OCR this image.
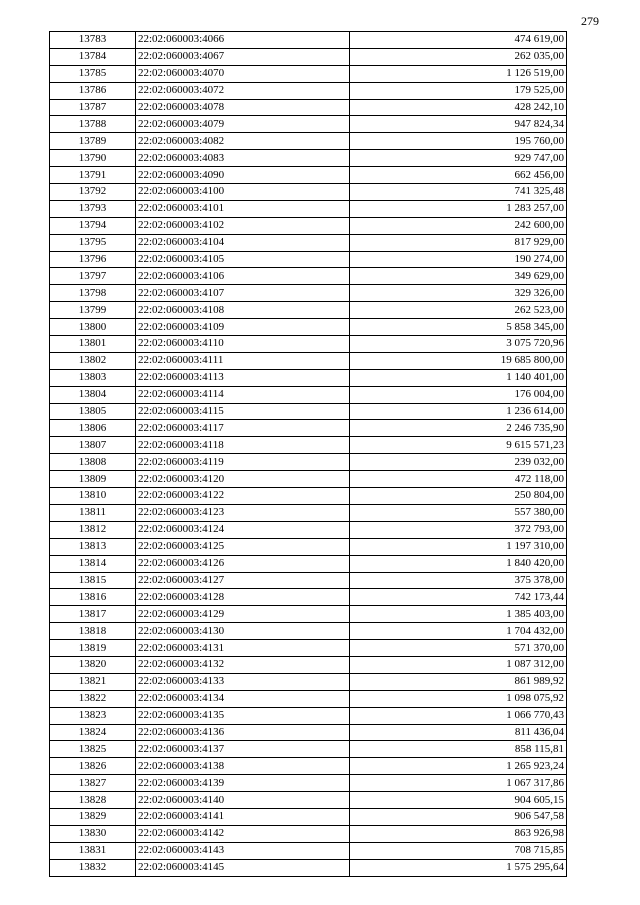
279
13783	22:02:060003:4066	474 619,00
13784	22:02:060003:4067	262 035,00
13785	22:02:060003:4070	1 126 519,00
13786	22:02:060003:4072	179 525,00
13787	22:02:060003:4078	428 242,10
13788	22:02:060003:4079	947 824,34
13789	22:02:060003:4082	195 760,00
13790	22:02:060003:4083	929 747,00
13791	22:02:060003:4090	662 456,00
13792	22:02:060003:4100	741 325,48
13793	22:02:060003:4101	1 283 257,00
13794	22:02:060003:4102	242 600,00
13795	22:02:060003:4104	817 929,00
13796	22:02:060003:4105	190 274,00
13797	22:02:060003:4106	349 629,00
13798	22:02:060003:4107	329 326,00
13799	22:02:060003:4108	262 523,00
13800	22:02:060003:4109	5 858 345,00
13801	22:02:060003:4110	3 075 720,96
13802	22:02:060003:4111	19 685 800,00
13803	22:02:060003:4113	1 140 401,00
13804	22:02:060003:4114	176 004,00
13805	22:02:060003:4115	1 236 614,00
13806	22:02:060003:4117	2 246 735,90
13807	22:02:060003:4118	9 615 571,23
13808	22:02:060003:4119	239 032,00
13809	22:02:060003:4120	472 118,00
13810	22:02:060003:4122	250 804,00
13811	22:02:060003:4123	557 380,00
13812	22:02:060003:4124	372 793,00
13813	22:02:060003:4125	1 197 310,00
13814	22:02:060003:4126	1 840 420,00
13815	22:02:060003:4127	375 378,00
13816	22:02:060003:4128	742 173,44
13817	22:02:060003:4129	1 385 403,00
13818	22:02:060003:4130	1 704 432,00
13819	22:02:060003:4131	571 370,00
13820	22:02:060003:4132	1 087 312,00
13821	22:02:060003:4133	861 989,92
13822	22:02:060003:4134	1 098 075,92
13823	22:02:060003:4135	1 066 770,43
13824	22:02:060003:4136	811 436,04
13825	22:02:060003:4137	858 115,81
13826	22:02:060003:4138	1 265 923,24
13827	22:02:060003:4139	1 067 317,86
13828	22:02:060003:4140	904 605,15
13829	22:02:060003:4141	906 547,58
13830	22:02:060003:4142	863 926,98
13831	22:02:060003:4143	708 715,85
13832	22:02:060003:4145	1 575 295,64
